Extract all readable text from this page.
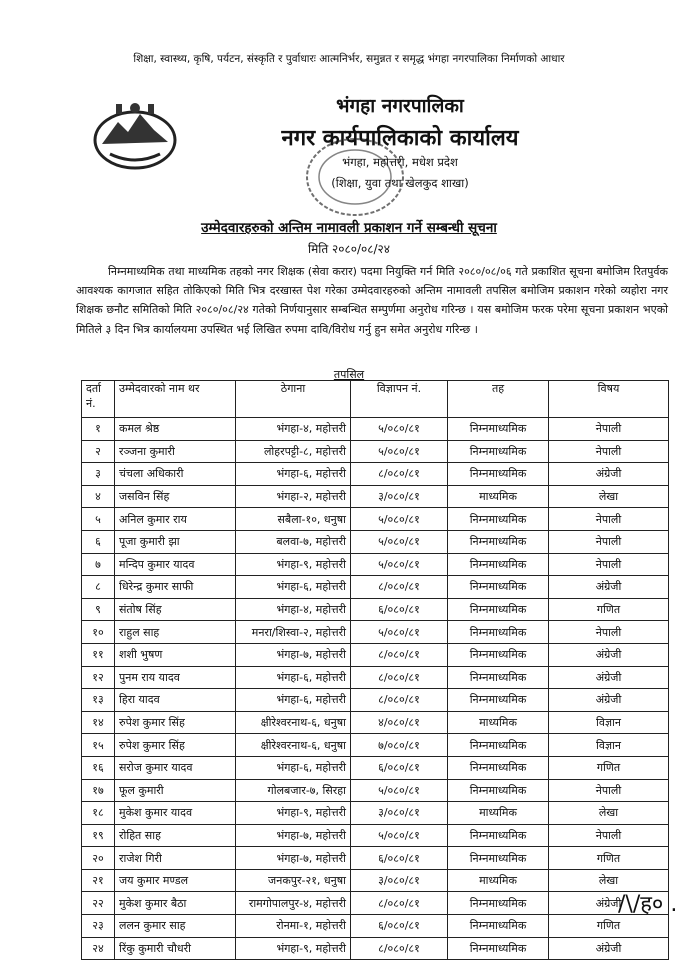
शिक्षा, स्वास्थ्य, कृषि, पर्यटन, संस्कृति र पुर्वाधारः आत्मनिर्भर, समुन्नत र समृद्ध भंगहा नगरपालिका निर्माणको आधार
भंगहा नगरपालिका
नगर कार्यपालिकाको कार्यालय
भंगहा, महोत्तरी, मधेश प्रदेश
(शिक्षा, युवा तथा खेलकुद शाखा)
उम्मेदवारहरुको अन्तिम नामावली प्रकाशन गर्ने सम्बन्धी सूचना
मिति २०८०/०८/२४
निम्नमाध्यमिक तथा माध्यमिक तहको नगर शिक्षक (सेवा करार) पदमा नियुक्ति गर्न मिति २०८०/०८/०६ गते प्रकाशित सूचना बमोजिम रितपुर्वक आवश्यक कागजात सहित तोकिएको मिति भित्र दरखास्त पेश गरेका उम्मेदवारहरुको अन्तिम नामावली तपसिल बमोजिम प्रकाशन गरेको व्यहोरा नगर शिक्षक छनौट समितिको मिति २०८०/०८/२४ गतेको निर्णयानुसार सम्बन्धित सम्पुर्णमा अनुरोध गरिन्छ । यस बमोजिम फरक परेमा सूचना प्रकाशन भएको मितिले ३ दिन भित्र कार्यालयमा उपस्थित भई लिखित रुपमा दावि/विरोध गर्नु हुन समेत अनुरोध गरिन्छ ।
तपसिल
दर्ता नं.	उम्मेदवारको नाम थर	ठेगाना	विज्ञापन नं.	तह	विषय
१	कमल श्रेष्ठ	भंगहा-४, महोत्तरी	५/०८०/८१	निम्नमाध्यमिक	नेपाली
२	रञ्जना कुमारी	लोहरपट्टी-८, महोत्तरी	५/०८०/८१	निम्नमाध्यमिक	नेपाली
३	चंचला अधिकारी	भंगहा-६, महोत्तरी	८/०८०/८१	निम्नमाध्यमिक	अंग्रेजी
४	जसविन सिंह	भंगहा-२, महोत्तरी	३/०८०/८१	माध्यमिक	लेखा
५	अनिल कुमार राय	सबैला-१०, धनुषा	५/०८०/८१	निम्नमाध्यमिक	नेपाली
६	पूजा कुमारी झा	बलवा-७, महोत्तरी	५/०८०/८१	निम्नमाध्यमिक	नेपाली
७	मन्दिप कुमार यादव	भंगहा-९, महोत्तरी	५/०८०/८१	निम्नमाध्यमिक	नेपाली
८	धिरेन्द्र कुमार साफी	भंगहा-६, महोत्तरी	८/०८०/८१	निम्नमाध्यमिक	अंग्रेजी
९	संतोष सिंह	भंगहा-४, महोत्तरी	६/०८०/८१	निम्नमाध्यमिक	गणित
१०	राहुल साह	मनरा/शिस्वा-२, महोत्तरी	५/०८०/८१	निम्नमाध्यमिक	नेपाली
११	शशी भुषण	भंगहा-७, महोत्तरी	८/०८०/८१	निम्नमाध्यमिक	अंग्रेजी
१२	पुनम राय यादव	भंगहा-६, महोत्तरी	८/०८०/८१	निम्नमाध्यमिक	अंग्रेजी
१३	हिरा यादव	भंगहा-६, महोत्तरी	८/०८०/८१	निम्नमाध्यमिक	अंग्रेजी
१४	रुपेश कुमार सिंह	क्षीरेश्वरनाथ-६, धनुषा	४/०८०/८१	माध्यमिक	विज्ञान
१५	रुपेश कुमार सिंह	क्षीरेश्वरनाथ-६, धनुषा	७/०८०/८१	निम्नमाध्यमिक	विज्ञान
१६	सरोज कुमार यादव	भंगहा-६, महोत्तरी	६/०८०/८१	निम्नमाध्यमिक	गणित
१७	फूल कुमारी	गोलबजार-७, सिरहा	५/०८०/८१	निम्नमाध्यमिक	नेपाली
१८	मुकेश कुमार यादव	भंगहा-९, महोत्तरी	३/०८०/८१	माध्यमिक	लेखा
१९	रोहित साह	भंगहा-७, महोत्तरी	५/०८०/८१	निम्नमाध्यमिक	नेपाली
२०	राजेश गिरी	भंगहा-७, महोत्तरी	६/०८०/८१	निम्नमाध्यमिक	गणित
२१	जय कुमार मण्डल	जनकपुर-२१, धनुषा	३/०८०/८१	माध्यमिक	लेखा
२२	मुकेश कुमार बैठा	रामगोपालपुर-४, महोत्तरी	८/०८०/८१	निम्नमाध्यमिक	अंग्रेजी
२३	ललन कुमार साह	रोनमा-१, महोत्तरी	६/०८०/८१	निम्नमाध्यमिक	गणित
२४	रिंकु कुमारी चौधरी	भंगहा-९, महोत्तरी	८/०८०/८१	निम्नमाध्यमिक	अंग्रेजी
/\/ह० .
